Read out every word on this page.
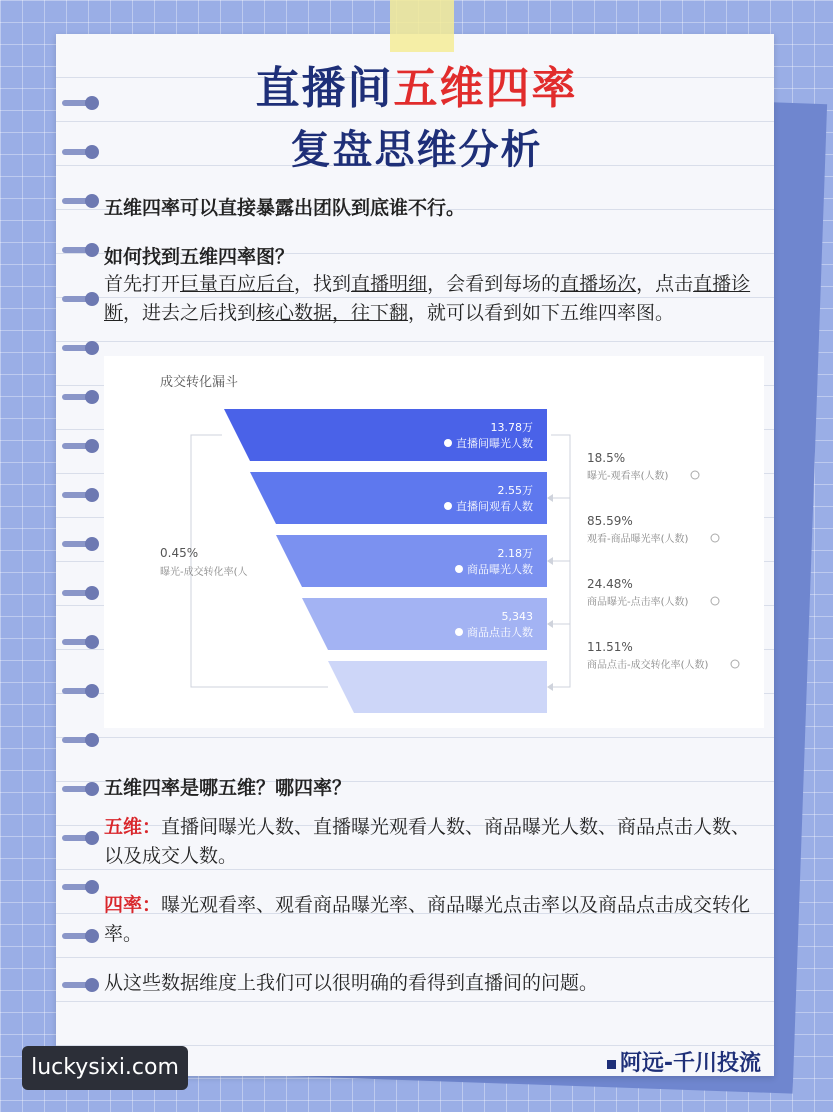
直播间五维四率
复盘思维分析
五维四率可以直接暴露出团队到底谁不行。
如何找到五维四率图？
首先打开巨量百应后台，找到直播明细，会看到每场的直播场次，点击直播诊断，进去之后找到核心数据，往下翻，就可以看到如下五维四率图。
成交转化漏斗
13.78万
直播间曝光人数
2.55万
直播间观看人数
2.18万
商品曝光人数
5,343
商品点击人数
18.5%
曝光-观看率(人数)
85.59%
观看-商品曝光率(人数)
24.48%
商品曝光-点击率(人数)
11.51%
商品点击-成交转化率(人数)
0.45%
曝光-成交转化率(人
五维四率是哪五维？哪四率？
五维：直播间曝光人数、直播曝光观看人数、商品曝光人数、商品点击人数、以及成交人数。
四率：曝光观看率、观看商品曝光率、商品曝光点击率以及商品点击成交转化率。
从这些数据维度上我们可以很明确的看得到直播间的问题。
阿远-千川投流
luckysixi.com
